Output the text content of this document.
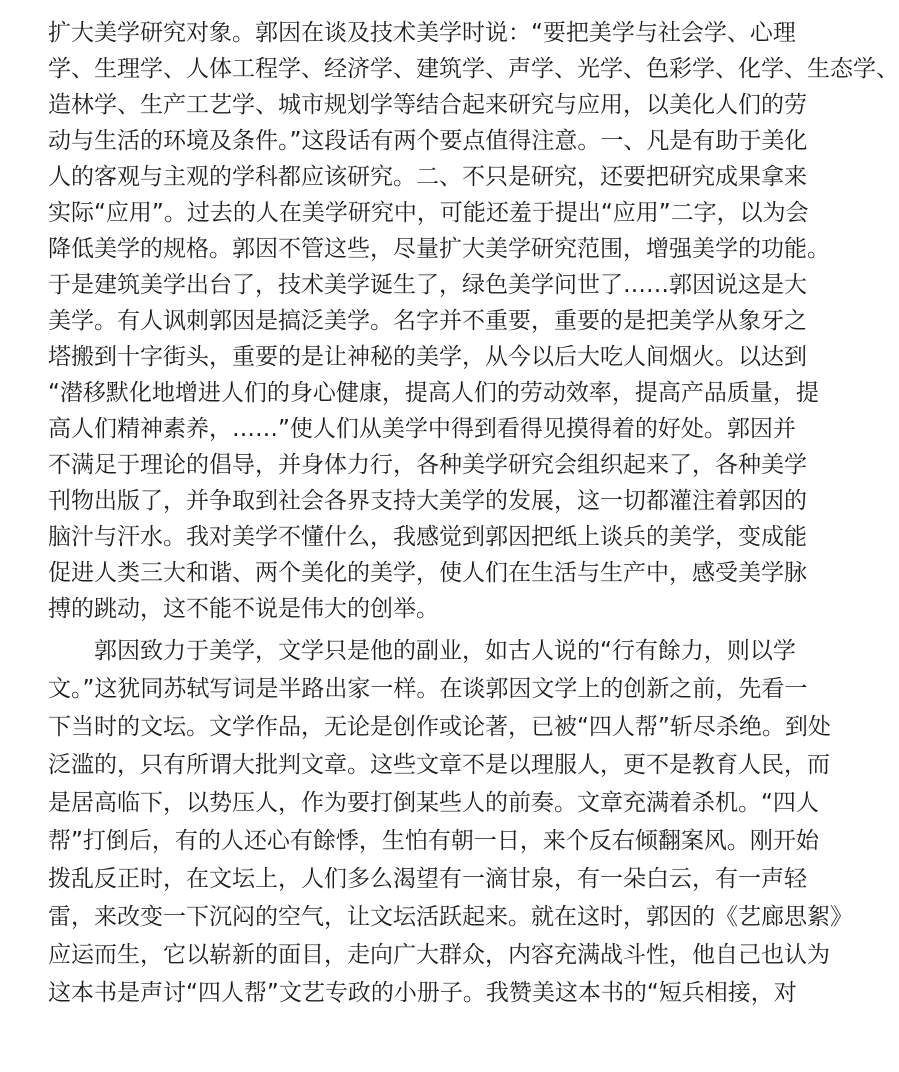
扩大美学研究对象。郭因在谈及技术美学时说：“要把美学与社会学、心理
学、生理学、人体工程学、经济学、建筑学、声学、光学、色彩学、化学、生态学、
造林学、生产工艺学、城市规划学等结合起来研究与应用，以美化人们的劳
动与生活的环境及条件。”这段话有两个要点值得注意。一、凡是有助于美化
人的客观与主观的学科都应该研究。二、不只是研究，还要把研究成果拿来
实际“应用”。过去的人在美学研究中，可能还羞于提出“应用”二字，以为会
降低美学的规格。郭因不管这些，尽量扩大美学研究范围，增强美学的功能。
于是建筑美学出台了，技术美学诞生了，绿色美学问世了……郭因说这是大
美学。有人讽刺郭因是搞泛美学。名字并不重要，重要的是把美学从象牙之
塔搬到十字街头，重要的是让神秘的美学，从今以后大吃人间烟火。以达到
“潜移默化地增进人们的身心健康，提高人们的劳动效率，提高产品质量，提
高人们精神素养，……”使人们从美学中得到看得见摸得着的好处。郭因并
不满足于理论的倡导，并身体力行，各种美学研究会组织起来了，各种美学
刊物出版了，并争取到社会各界支持大美学的发展，这一切都灌注着郭因的
脑汁与汗水。我对美学不懂什么，我感觉到郭因把纸上谈兵的美学，变成能
促进人类三大和谐、两个美化的美学，使人们在生活与生产中，感受美学脉
搏的跳动，这不能不说是伟大的创举。
郭因致力于美学，文学只是他的副业，如古人说的“行有餘力，则以学
文。”这犹同苏轼写词是半路出家一样。在谈郭因文学上的创新之前，先看一
下当时的文坛。文学作品，无论是创作或论著，已被“四人帮”斩尽杀绝。到处
泛滥的，只有所谓大批判文章。这些文章不是以理服人，更不是教育人民，而
是居高临下，以势压人，作为要打倒某些人的前奏。文章充满着杀机。“四人
帮”打倒后，有的人还心有餘悸，生怕有朝一日，来个反右倾翻案风。刚开始
拨乱反正时，在文坛上，人们多么渴望有一滴甘泉，有一朵白云，有一声轻
雷，来改变一下沉闷的空气，让文坛活跃起来。就在这时，郭因的《艺廊思絮》
应运而生，它以崭新的面目，走向广大群众，内容充满战斗性，他自己也认为
这本书是声讨“四人帮”文艺专政的小册子。我赞美这本书的“短兵相接，对
